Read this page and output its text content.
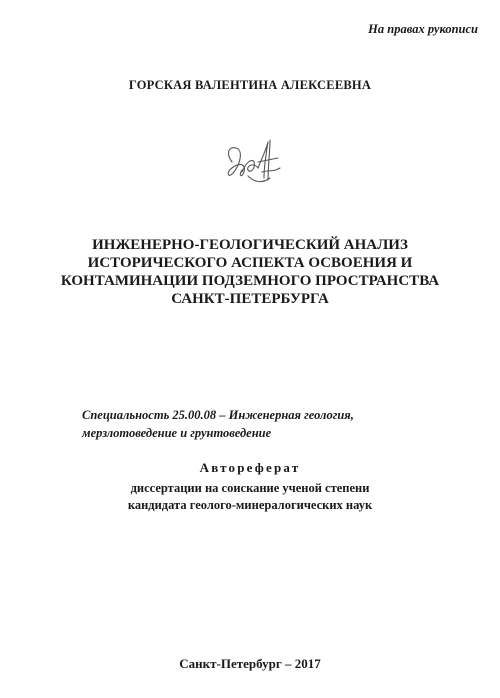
На правах рукописи
ГОРСКАЯ ВАЛЕНТИНА АЛЕКСЕЕВНА
ИНЖЕНЕРНО-ГЕОЛОГИЧЕСКИЙ АНАЛИЗ
ИСТОРИЧЕСКОГО АСПЕКТА ОСВОЕНИЯ И
КОНТАМИНАЦИИ ПОДЗЕМНОГО ПРОСТРАНСТВА
САНКТ-ПЕТЕРБУРГА
Специальность 25.00.08 – Инженерная геология,
мерзлотоведение и грунтоведение
Автореферат
диссертации на соискание ученой степени
кандидата геолого-минералогических наук
Санкт-Петербург – 2017
